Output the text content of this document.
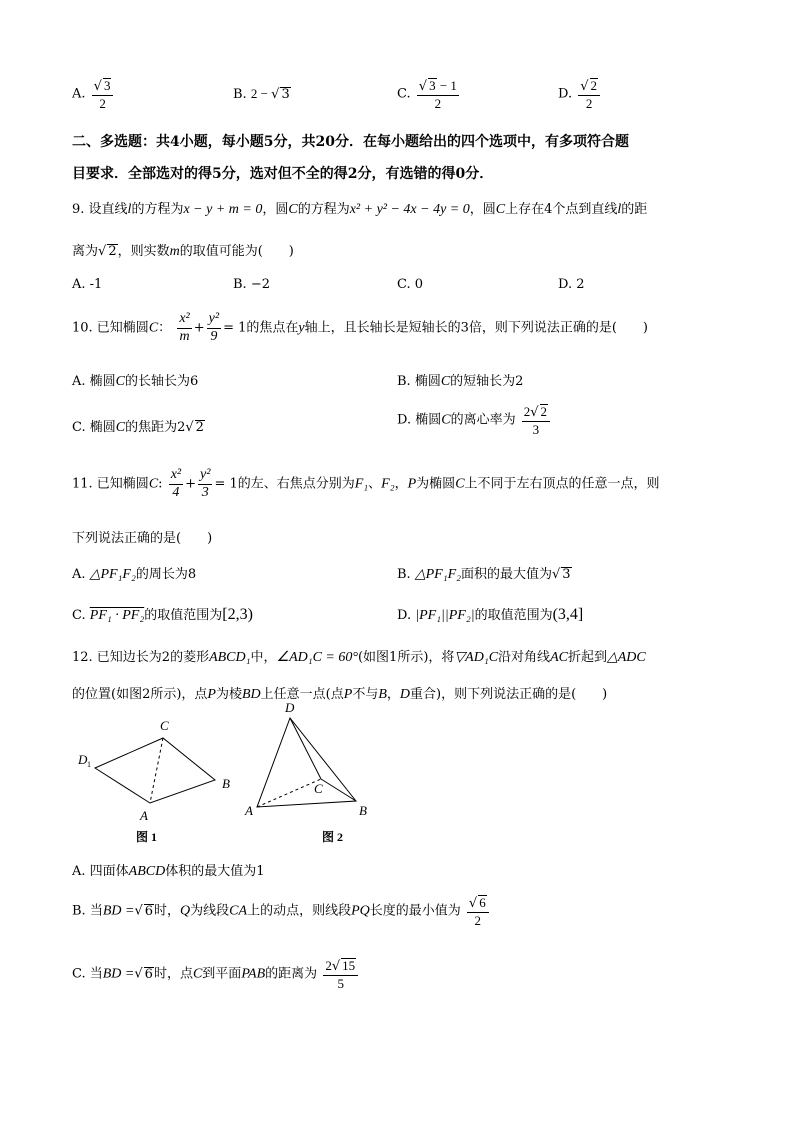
A. $\frac{√ 3}{2}$	B. 2 − √ 3	C. $\frac{√ 3 - 1}{2}$	D. $\frac{√ 2}{2}$
二、多选题：共4小题，每小题5分，共20分．在每小题给出的四个选项中，有多项符合题
目要求．全部选对的得5分，选对但不全的得2分，有选错的得0分．
9. 设直线l的方程为x − y + m = 0，圆C的方程为x² + y² − 4x − 4y = 0，圆C上存在4个点到直线l的距
离为√ 2，则实数m的取值可能为(　　)
A. -1	B. −2	C. 0	D. 2
10. 已知椭圆C： $\frac{\text{x²}}{m} + \frac{\text{y²}}{9} = 1$的焦点在y轴上，且长轴长是短轴长的3倍，则下列说法正确的是(　　)
A. 椭圆C的长轴长为6	B. 椭圆C的短轴长为2
C. 椭圆C的焦距为2√ 2	D. 椭圆C的离心率为 $\frac{2√ 2}{3}$
11. 已知椭圆C: $\frac{\text{x²}}{4} + \frac{\text{y²}}{3} = 1$的左、右焦点分别为F₁、F₂，P为椭圆C上不同于左右顶点的任意一点，则
下列说法正确的是(　　)
A. △PF₁F₂的周长为8	B. △PF₁F₂面积的最大值为√ 3
C. PF₁ · PF₂的取值范围为[2,3)	D. |PF₁||PF₂|的取值范围为(3,4]
12. 已知边长为2的菱形ABCD₁中，∠AD₁C = 60°(如图1所示)，将▽AD₁C沿对角线AC折起到△ADC
的位置(如图2所示)，点P为棱BD上任意一点(点P不与B，D重合)，则下列说法正确的是(　　)
D 1
C
B
A
图 1
D
C
A	B
图 2
A. 四面体ABCD体积的最大值为1
B. 当BD =√ 6时，Q为线段CA上的动点，则线段PQ长度的最小值为 $\frac{√ 6}{2}$
C. 当BD =√ 6时，点C到平面PAB的距离为 $\frac{2√ 15}{5}$
